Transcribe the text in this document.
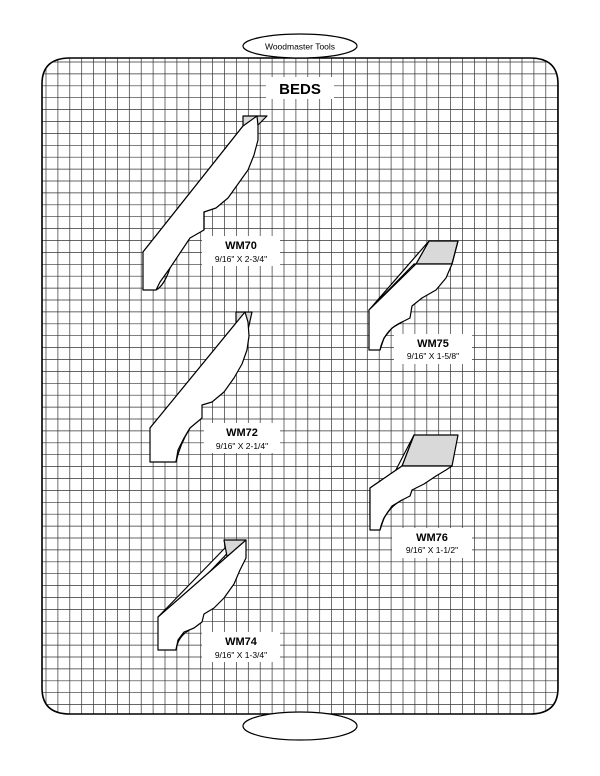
Woodmaster Tools
BEDS
WM70
9/16" X 2-3/4"
WM72
9/16" X 2-1/4"
WM74
9/16" X 1-3/4"
WM75
9/16" X 1-5/8"
WM76
9/16" X 1-1/2"
